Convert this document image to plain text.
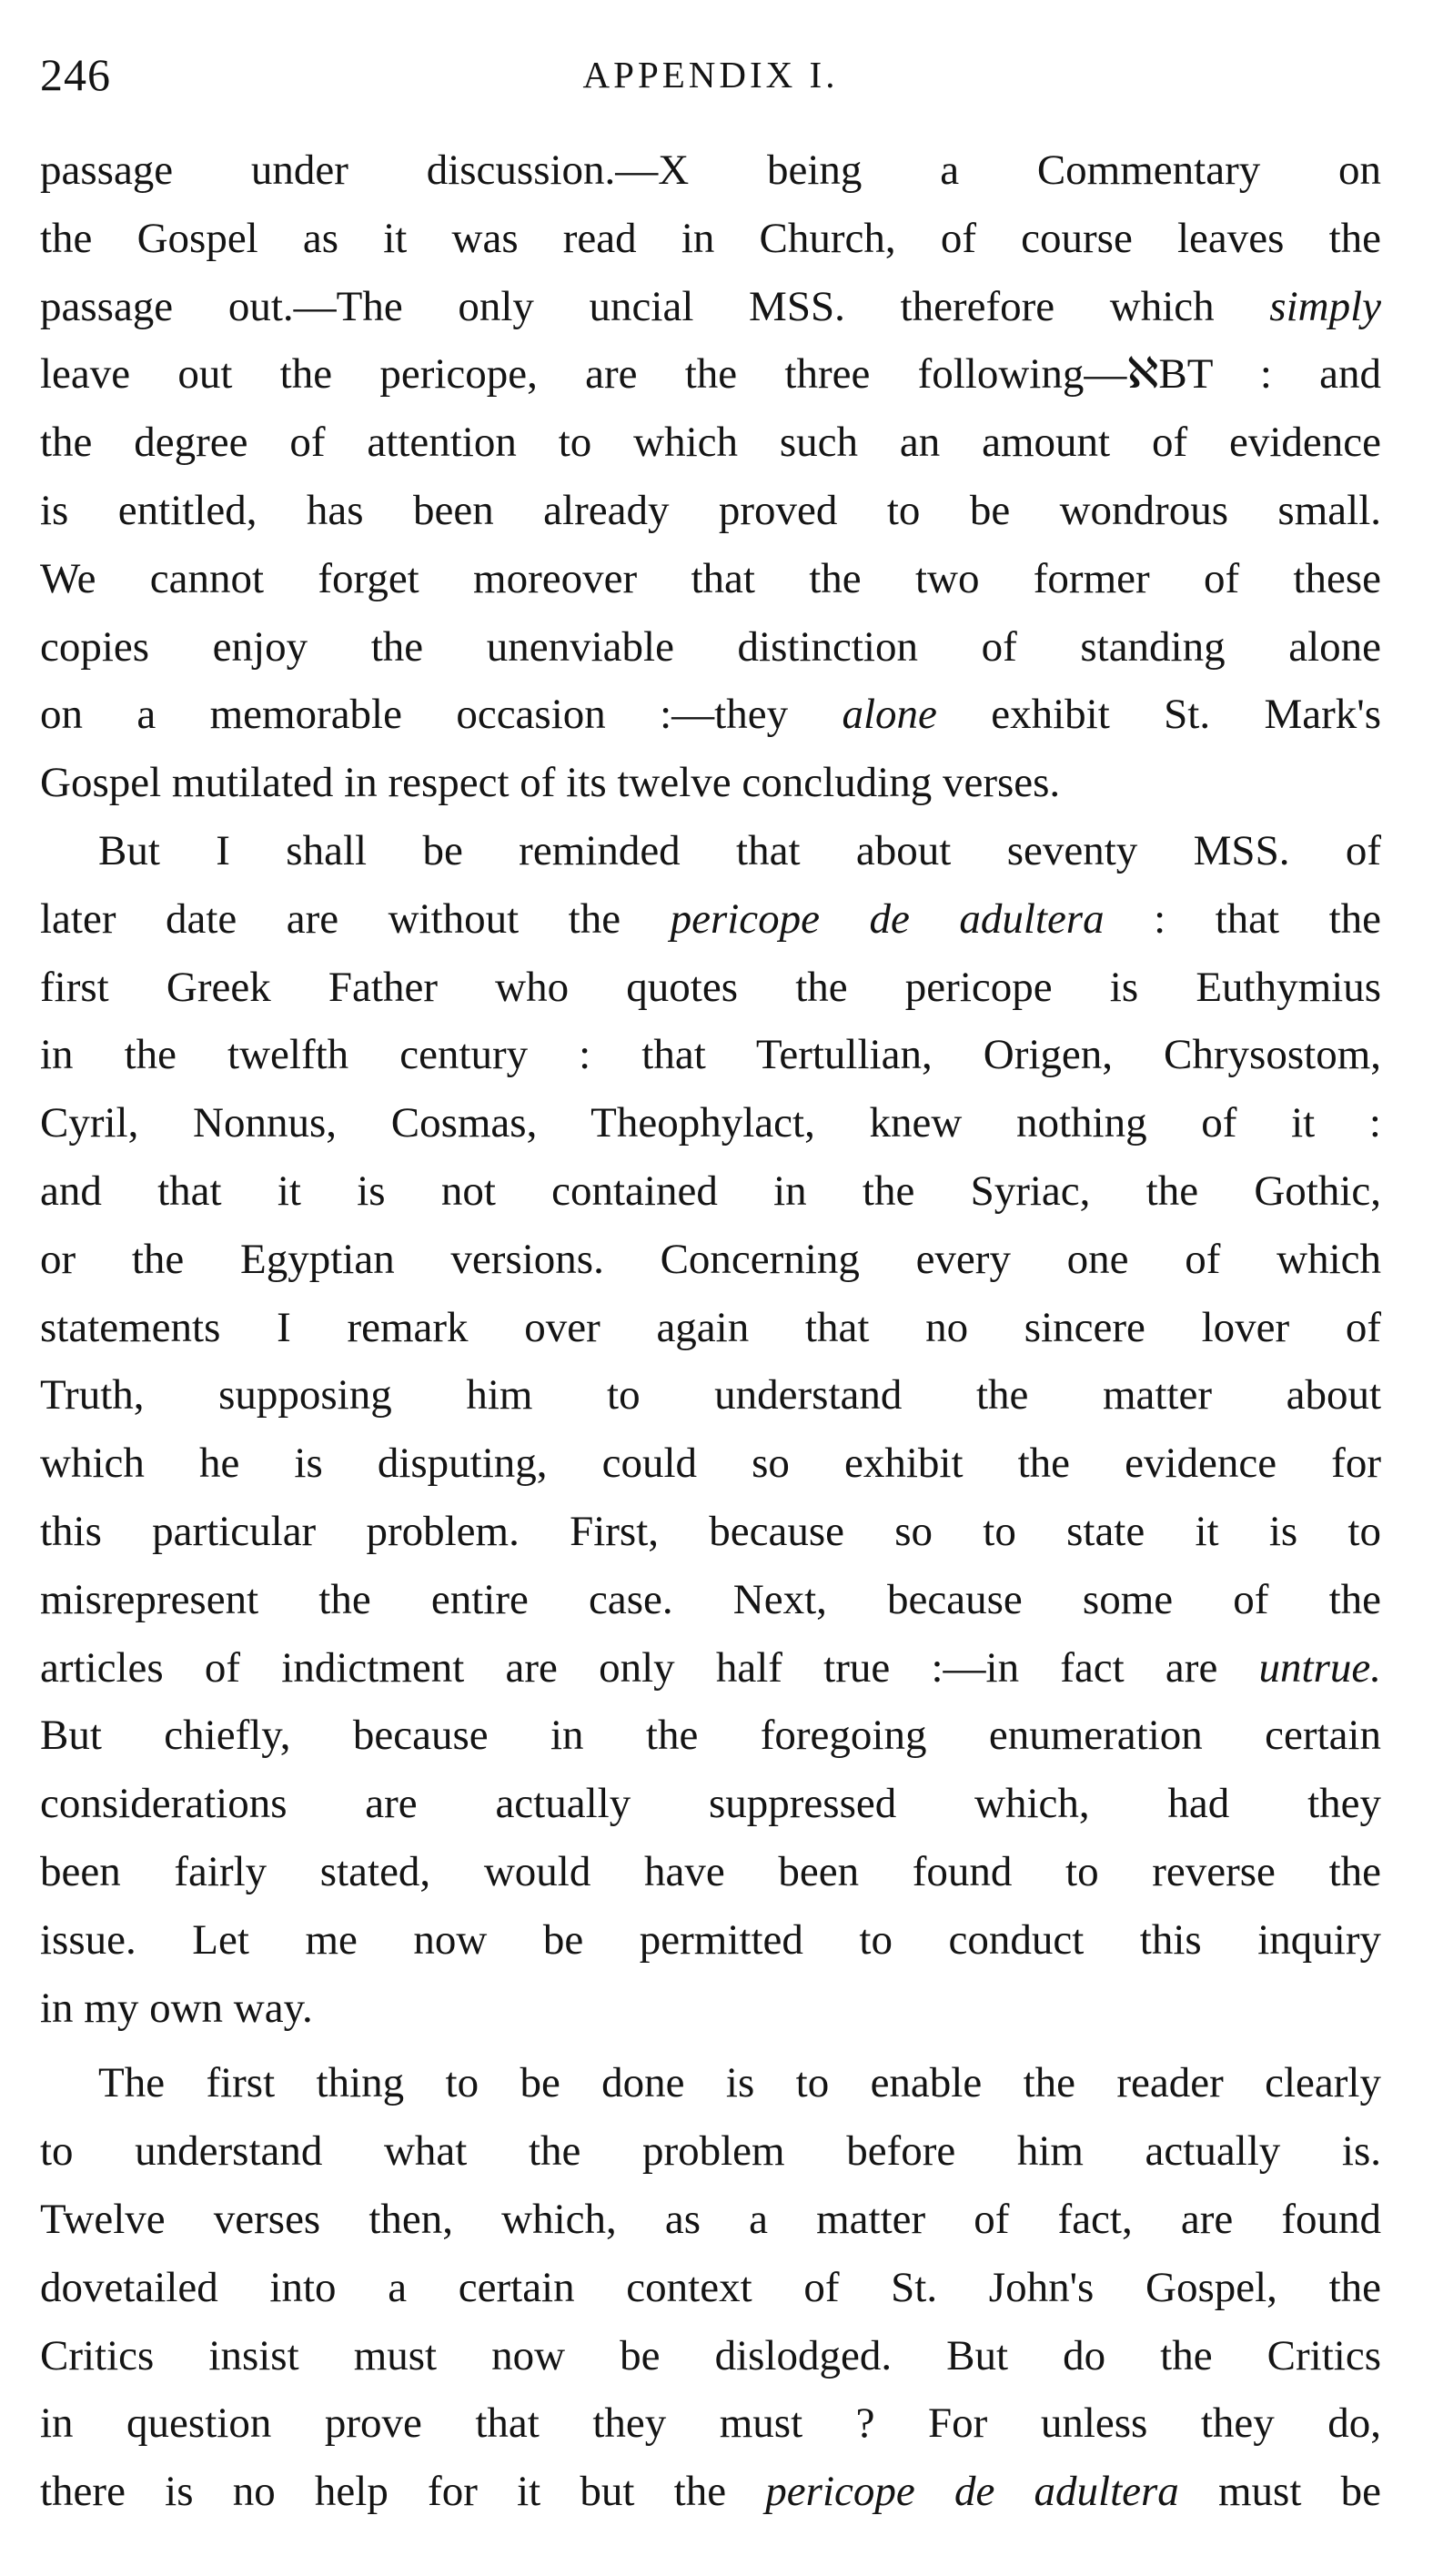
246	APPENDIX I.
passage under discussion.—X being a Commentary on
the Gospel as it was read in Church, of course leaves the
passage out.—The only uncial MSS. therefore which simply
leave out the pericope, are the three following—ℵBT : and
the degree of attention to which such an amount of evidence
is entitled, has been already proved to be wondrous small.
We cannot forget moreover that the two former of these
copies enjoy the unenviable distinction of standing alone
on a memorable occasion :—they alone exhibit St. Mark's
Gospel mutilated in respect of its twelve concluding verses.
But I shall be reminded that about seventy MSS. of
later date are without the pericope de adultera : that the
first Greek Father who quotes the pericope is Euthymius
in the twelfth century : that Tertullian, Origen, Chrysostom,
Cyril, Nonnus, Cosmas, Theophylact, knew nothing of it :
and that it is not contained in the Syriac, the Gothic,
or the Egyptian versions. Concerning every one of which
statements I remark over again that no sincere lover of
Truth, supposing him to understand the matter about
which he is disputing, could so exhibit the evidence for
this particular problem. First, because so to state it is to
misrepresent the entire case. Next, because some of the
articles of indictment are only half true :—in fact are untrue.
But chiefly, because in the foregoing enumeration certain
considerations are actually suppressed which, had they
been fairly stated, would have been found to reverse the
issue. Let me now be permitted to conduct this inquiry
in my own way.
The first thing to be done is to enable the reader clearly
to understand what the problem before him actually is.
Twelve verses then, which, as a matter of fact, are found
dovetailed into a certain context of St. John's Gospel, the
Critics insist must now be dislodged. But do the Critics
in question prove that they must ? For unless they do,
there is no help for it but the pericope de adultera must be
